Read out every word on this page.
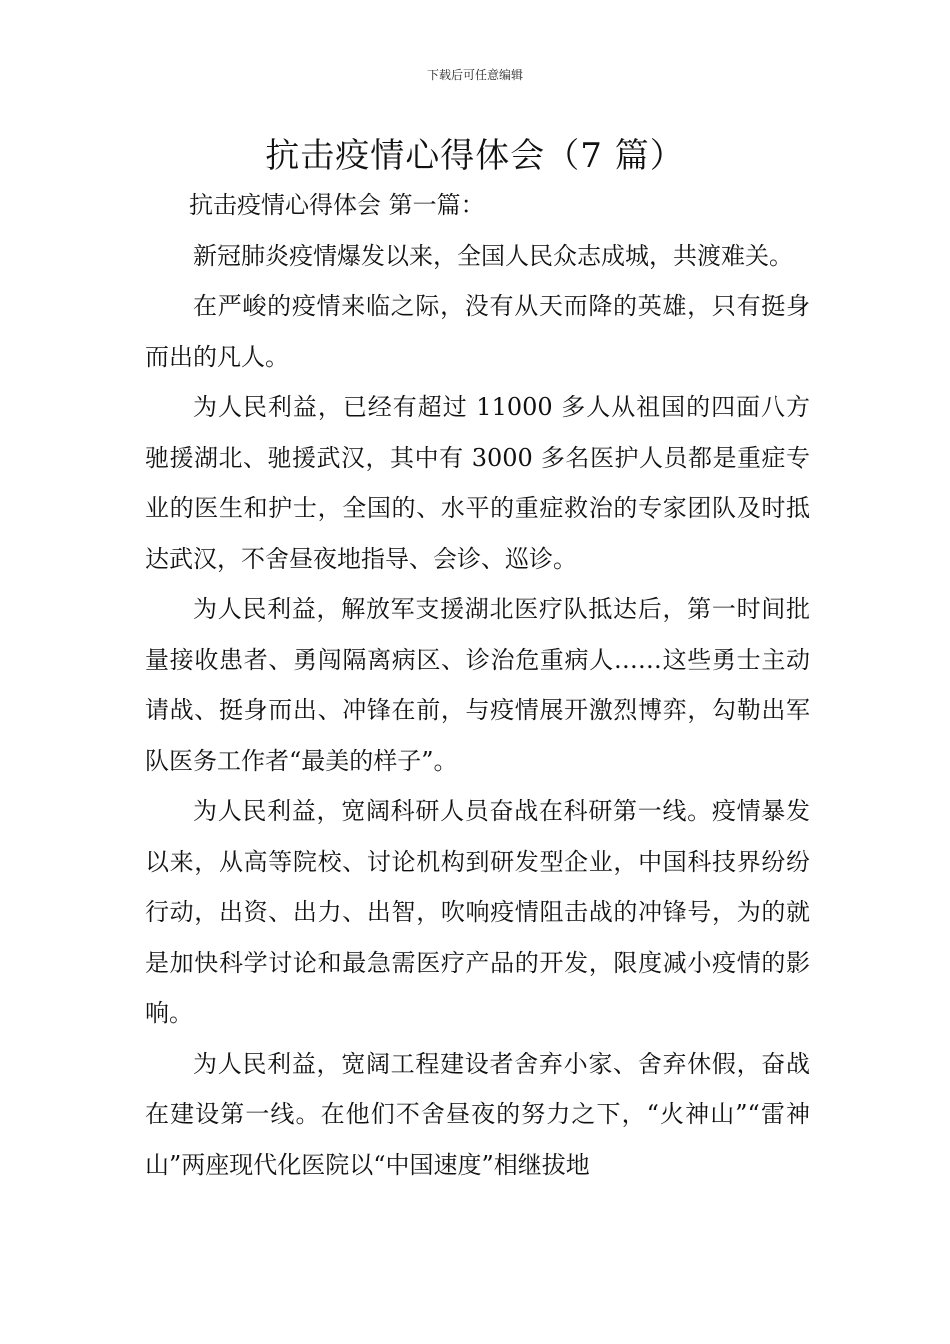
下载后可任意编辑
抗击疫情心得体会（7 篇）

抗击疫情心得体会 第一篇：

新冠肺炎疫情爆发以来，全国人民众志成城，共渡难关。

在严峻的疫情来临之际，没有从天而降的英雄，只有挺身而出的凡人。

为人民利益，已经有超过 11000 多人从祖国的四面八方驰援湖北、驰援武汉，其中有 3000 多名医护人员都是重症专业的医生和护士，全国的、水平的重症救治的专家团队及时抵达武汉，不舍昼夜地指导、会诊、巡诊。

为人民利益，解放军支援湖北医疗队抵达后，第一时间批量接收患者、勇闯隔离病区、诊治危重病人……这些勇士主动请战、挺身而出、冲锋在前，与疫情展开激烈博弈，勾勒出军队医务工作者“最美的样子”。

为人民利益，宽阔科研人员奋战在科研第一线。疫情暴发以来，从高等院校、讨论机构到研发型企业，中国科技界纷纷行动，出资、出力、出智，吹响疫情阻击战的冲锋号，为的就是加快科学讨论和最急需医疗产品的开发，限度减小疫情的影响。

为人民利益，宽阔工程建设者舍弃小家、舍弃休假，奋战在建设第一线。在他们不舍昼夜的努力之下，“火神山”“雷神山”两座现代化医院以“中国速度”相继拔地
